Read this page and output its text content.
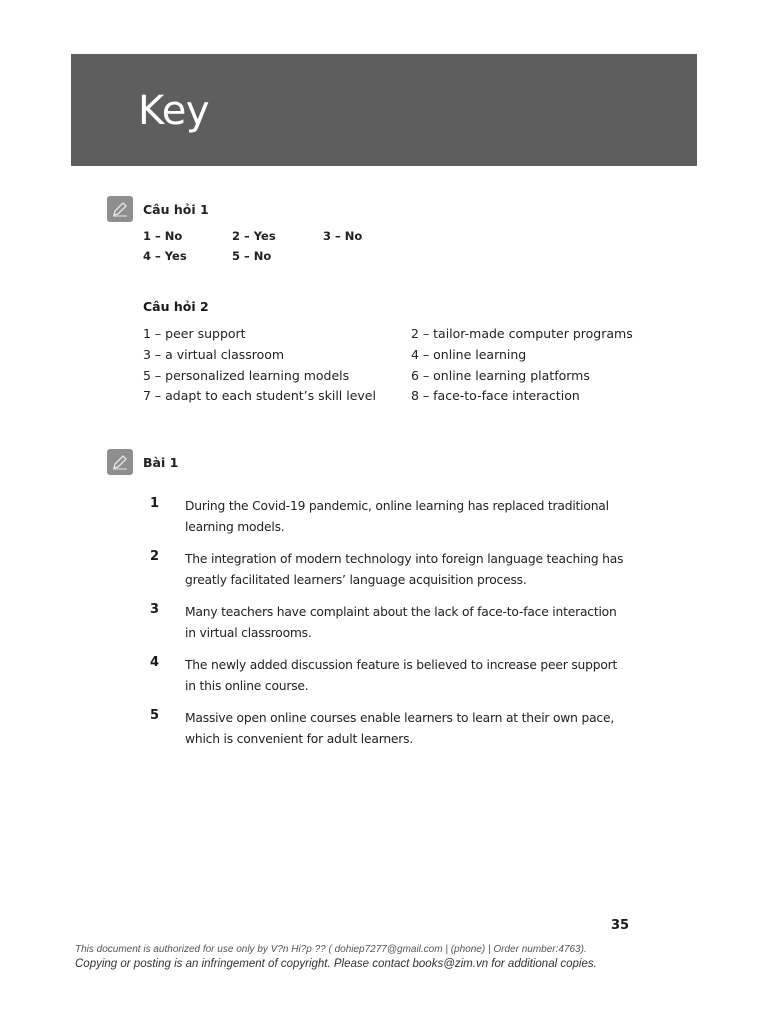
Key
Câu hỏi 1
1 – No	2 – Yes	3 – No
4 – Yes	5 – No
Câu hỏi 2
1 – peer support	2 – tailor-made computer programs
3 – a virtual classroom	4 – online learning
5 – personalized learning models	6 – online learning platforms
7 – adapt to each student’s skill level	8 – face-to-face interaction
Bài 1
1 During the Covid-19 pandemic, online learning has replaced traditional learning models.
2 The integration of modern technology into foreign language teaching has greatly facilitated learners’ language acquisition process.
3 Many teachers have complaint about the lack of face-to-face interaction in virtual classrooms.
4 The newly added discussion feature is believed to increase peer support in this online course.
5 Massive open online courses enable learners to learn at their own pace, which is convenient for adult learners.
35
This document is authorized for use only by V?n Hi?p ?? ( dohiep7277@gmail.com | (phone) | Order number:4763).
Copying or posting is an infringement of copyright. Please contact books@zim.vn for additional copies.
